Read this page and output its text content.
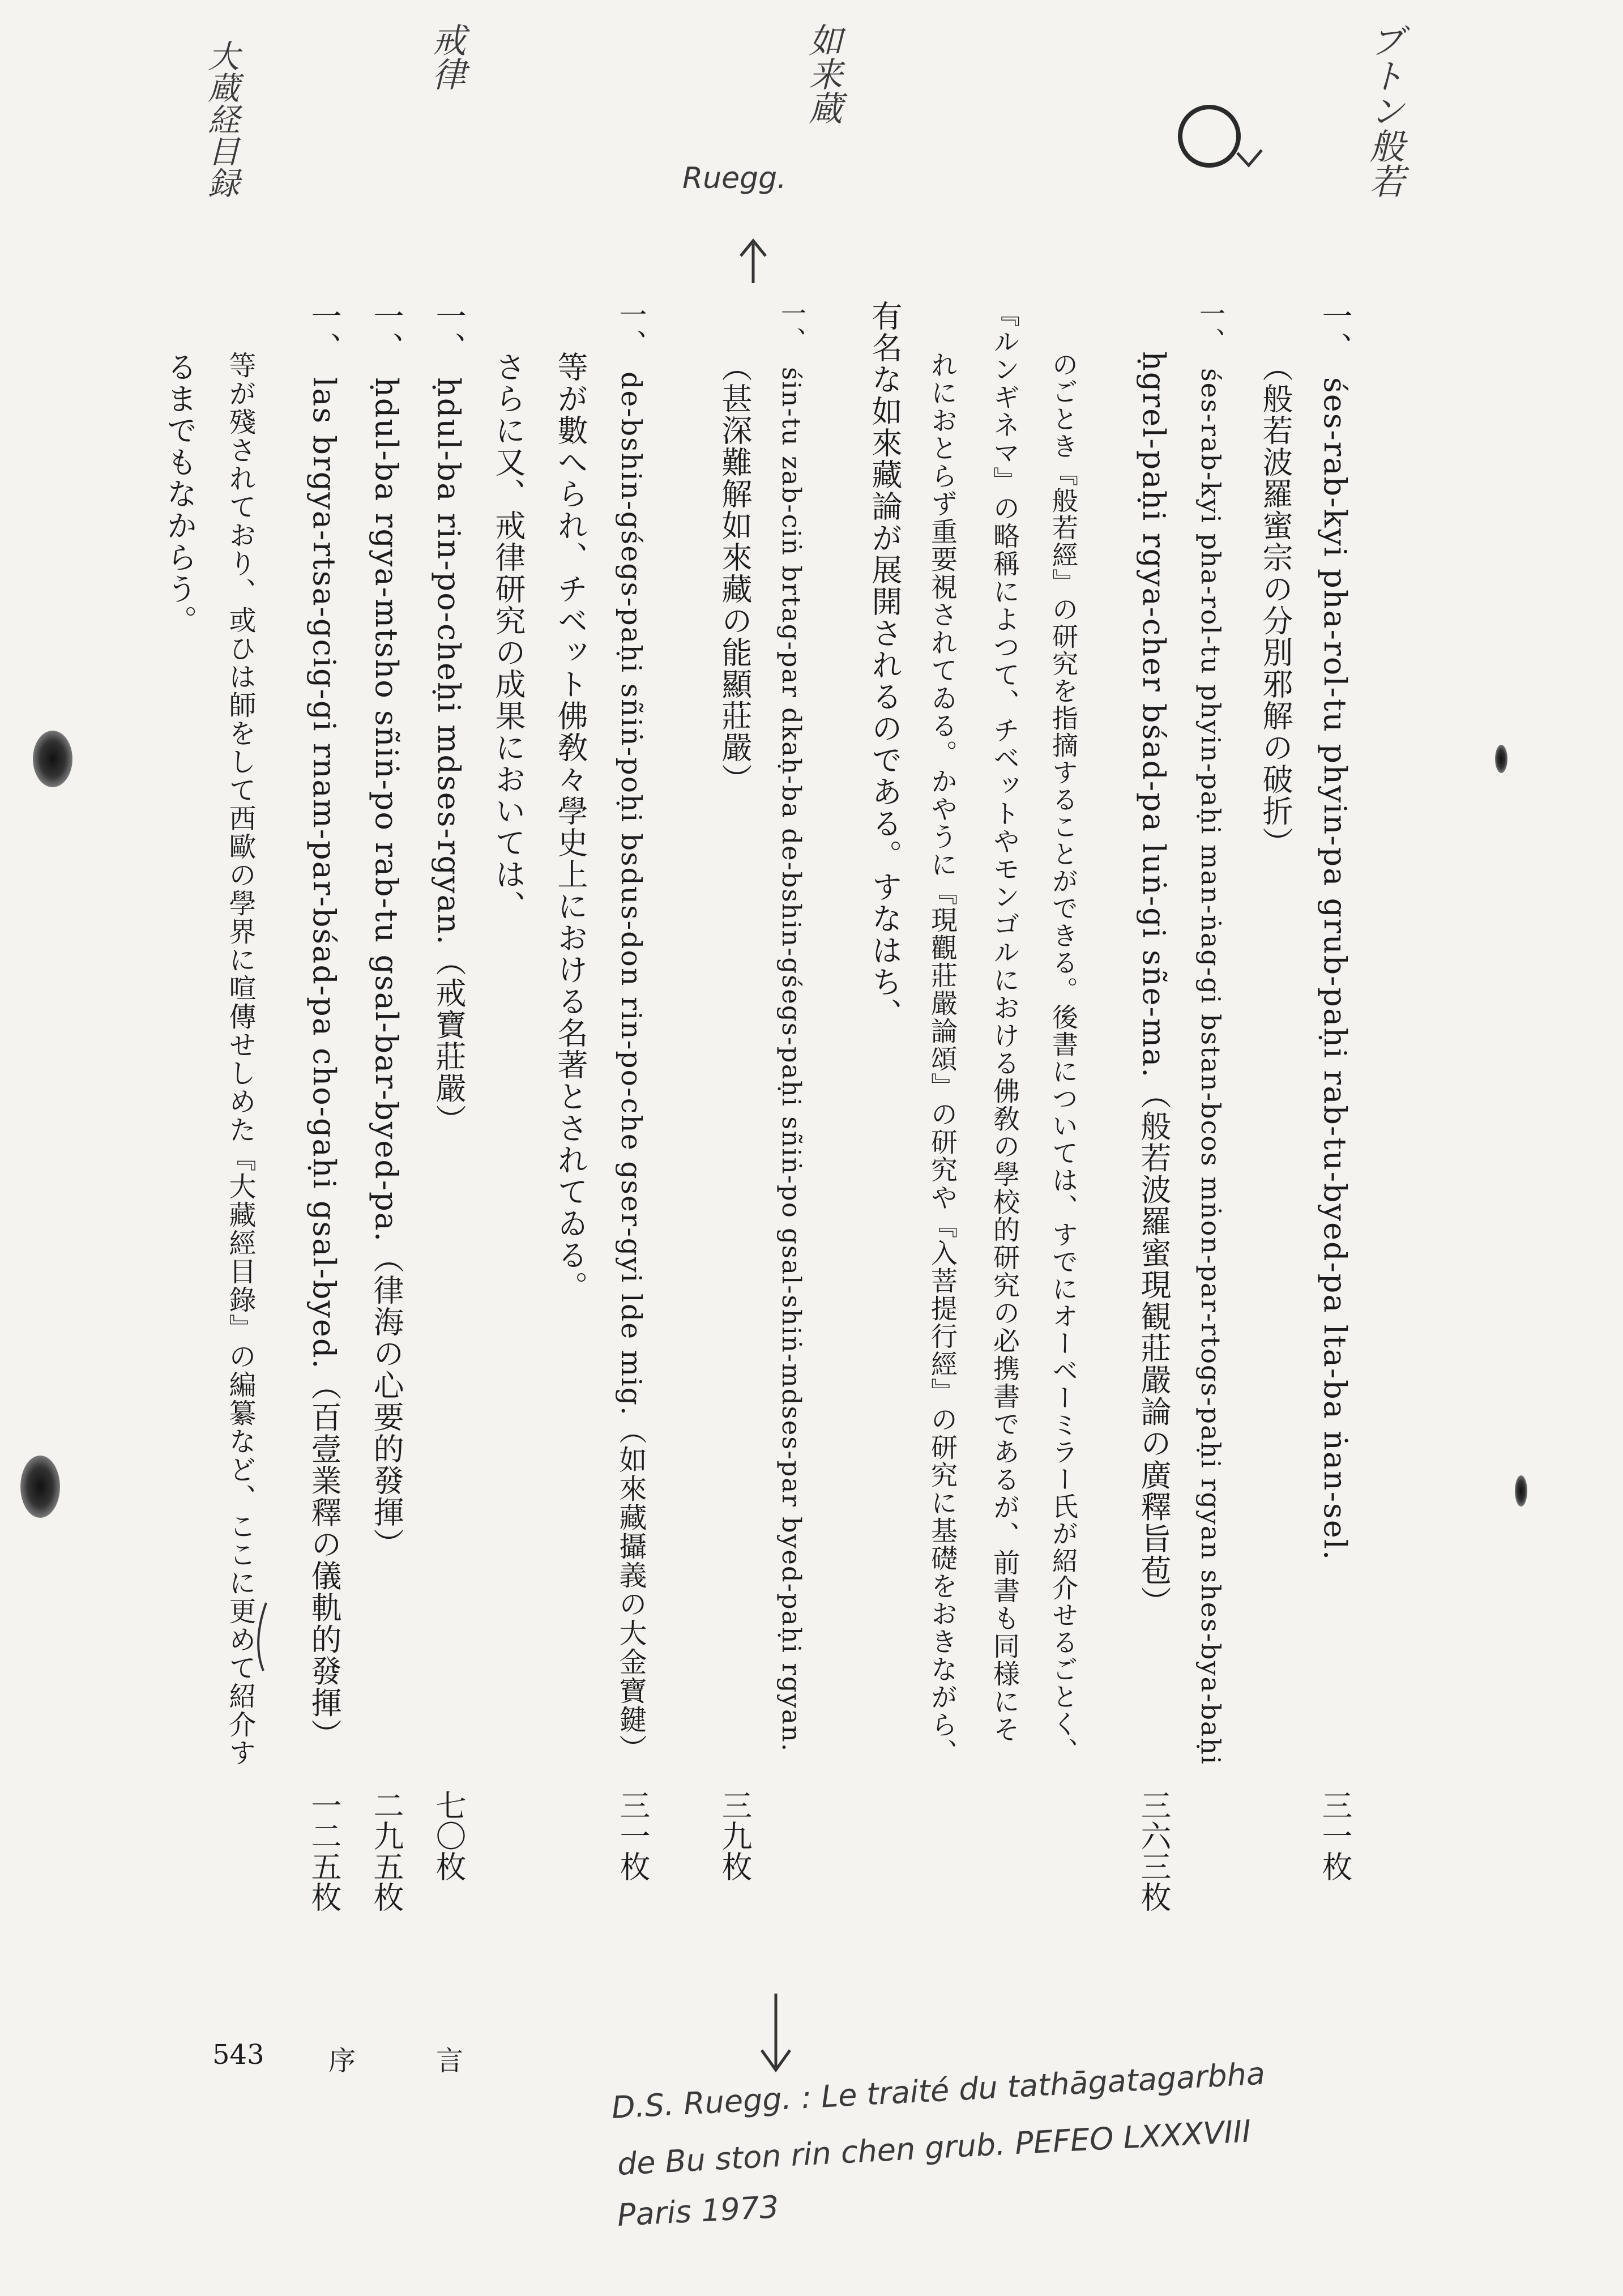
ブトン般若
如来蔵
戒律
大蔵経目録	Ruegg.
D.S. Ruegg. : Le traité du tathāgatagarbha
de Bu ston rin chen grub. PEFEO LXXXVIII
Paris 1973
一、śes-rab-kyi pha-rol-tu phyin-pa grub-paḥi rab-tu-byed-pa lta-ba ṅan-sel.
三一枚
（般若波羅蜜宗の分別邪解の破折）
一、śes-rab-kyi pha-rol-tu phyin-paḥi man-ṅag-gi bstan-bcos mṅon-par-rtogs-paḥi rgyan shes-bya-baḥi
ḥgrel-paḥi rgya-cher bśad-pa luṅ-gi sñe-ma.（般若波羅蜜現観莊嚴論の廣釋旨苞）
三六三枚
のごとき『般若經』の研究を指摘することができる。後書については、すでにオーベーミラー氏が紹介せるごとく、
『ルンギネマ』の略稱によつて、チベットやモンゴルにおける佛敎の學校的研究の必携書であるが、前書も同様にそ
れにおとらず重要視されてゐる。かやうに『現觀莊嚴論頌』の研究や『入菩提行經』の研究に基礎をおきながら、
有名な如來藏論が展開されるのである。すなはち、
一、śin-tu zab-ciṅ brtag-par dkaḥ-ba de-bshin-gśegs-paḥi sñiṅ-po gsal-shiṅ-mdses-par byed-paḥi rgyan.
（甚深難解如來藏の能顯莊嚴）
三九枚
一、de-bshin-gśegs-paḥi sñiṅ-poḥi bsdus-don rin-po-che gser-gyi lde mig.（如來藏攝義の大金寶鍵）
三一枚
等が數へられ、チベット佛敎々學史上における名著とされてゐる。
さらに又、戒律研究の成果においては、
一、ḥdul-ba rin-po-cheḥi mdses-rgyan.（戒寶莊嚴）
七〇枚
一、ḥdul-ba rgya-mtsho sñiṅ-po rab-tu gsal-bar-byed-pa.（律海の心要的發揮）
二九五枚
一、las brgya-rtsa-gcig-gi rnam-par-bśad-pa cho-gaḥi gsal-byed.（百壹業釋の儀軌的發揮）
一二五枚
等が殘されており、或ひは師をして西歐の學界に喧傳せしめた『大藏經目錄』の編纂など、ここに更めて紹介す
るまでもなからう。
543 序	言
